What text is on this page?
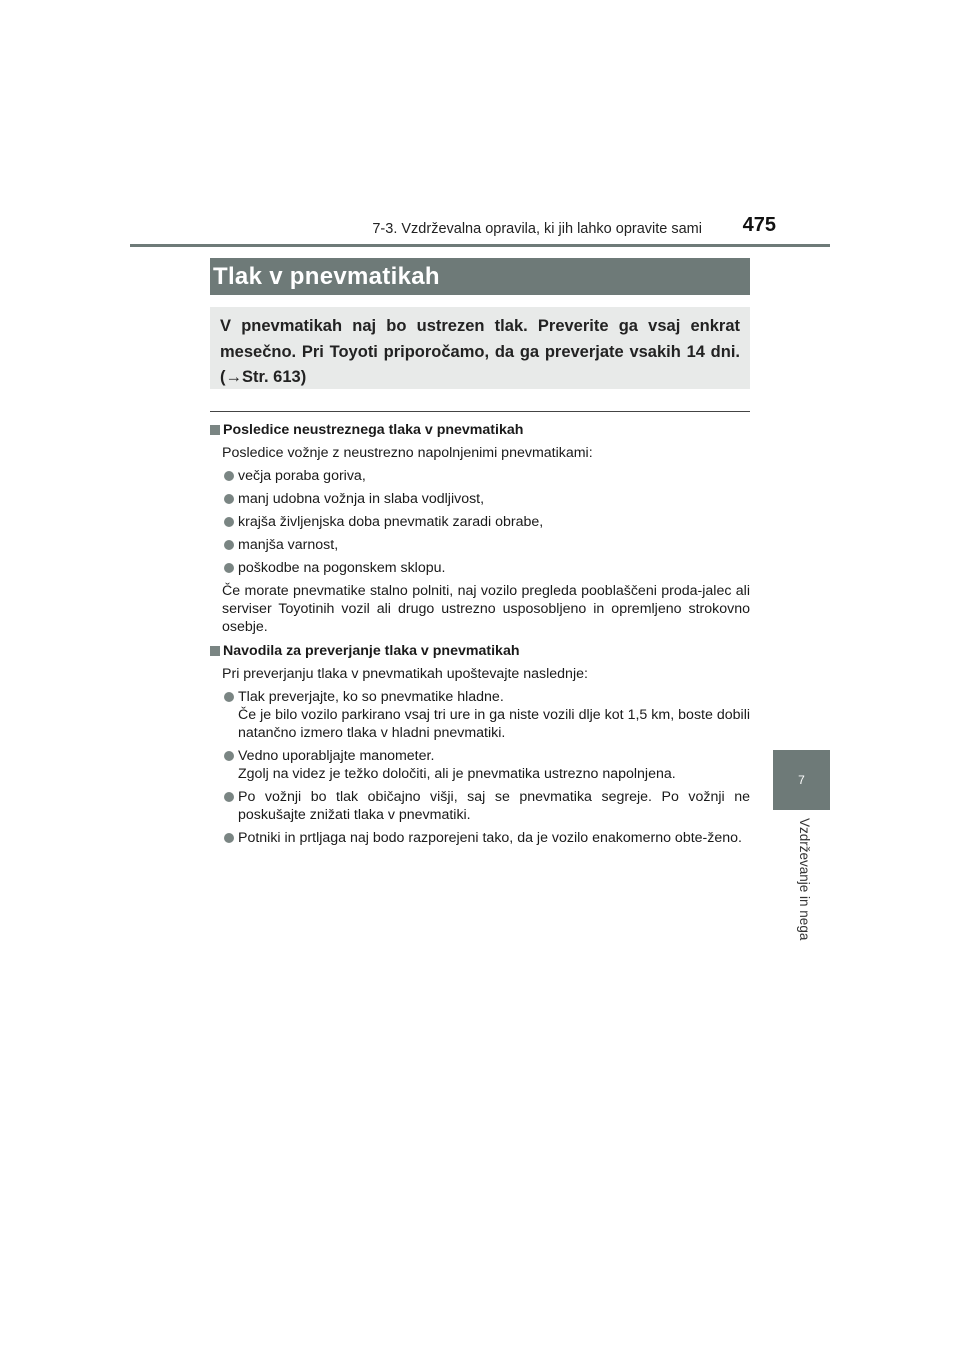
7-3. Vzdrževalna opravila, ki jih lahko opravite sami	475
7
Vzdrževanje in nega
Tlak v pnevmatikah
V pnevmatikah naj bo ustrezen tlak. Preverite ga vsaj enkrat mesečno. Pri Toyoti priporočamo, da ga preverjate vsakih 14 dni. (→Str. 613)
Posledice neustreznega tlaka v pnevmatikah
Posledice vožnje z neustrezno napolnjenimi pnevmatikami:
večja poraba goriva,
manj udobna vožnja in slaba vodljivost,
krajša življenjska doba pnevmatik zaradi obrabe,
manjša varnost,
poškodbe na pogonskem sklopu.
Če morate pnevmatike stalno polniti, naj vozilo pregleda pooblaščeni proda-jalec ali serviser Toyotinih vozil ali drugo ustrezno usposobljeno in opremljeno strokovno osebje.
Navodila za preverjanje tlaka v pnevmatikah
Pri preverjanju tlaka v pnevmatikah upoštevajte naslednje:
Tlak preverjajte, ko so pnevmatike hladne.
Če je bilo vozilo parkirano vsaj tri ure in ga niste vozili dlje kot 1,5 km, boste dobili natančno izmero tlaka v hladni pnevmatiki.
Vedno uporabljajte manometer.
Zgolj na videz je težko določiti, ali je pnevmatika ustrezno napolnjena.
Po vožnji bo tlak običajno višji, saj se pnevmatika segreje. Po vožnji ne poskušajte znižati tlaka v pnevmatiki.
Potniki in prtljaga naj bodo razporejeni tako, da je vozilo enakomerno obte-ženo.
